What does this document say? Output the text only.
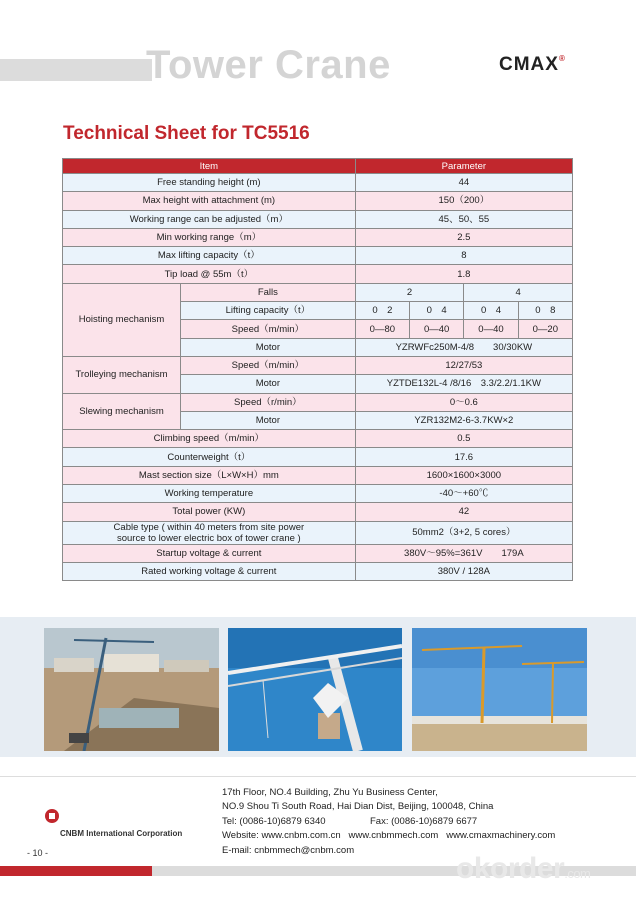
Tower Crane	CMAX®
Technical Sheet for TC5516
Item		Parameter			
Free standing height (m)		44			
Max height with attachment (m)		150（200）			
Working range can be adjusted（m）		45、50、55			
Min working range（m）		2.5			
Max lifting capacity（t）		8			
Tip load @ 55m（t）		1.8			
Hoisting mechanism	Falls	2		4	
	Lifting capacity（t）	0　2	0　4	0　4	0　8
	Speed（m/min）	0—80	0—40	0—40	0—20
	Motor	YZRWFc250M-4/8　　30/30KW			
Trolleying mechanism	Speed（m/min）	12/27/53			
	Motor	YZTDE132L-4 /8/16　3.3/2.2/1.1KW			
Slewing mechanism	Speed（r/min）	0～0.6			
	Motor	YZR132M2-6-3.7KW×2			
Climbing speed（m/min）		0.5			
Counterweight（t）		17.6			
Mast section size（L×W×H）mm		1600×1600×3000			
Working temperature		-40～+60℃			
Total power (KW)		42			

Cable type ( within 40 meters from site power
source to lower electric box of tower crane )		50mm2（3+2, 5 cores）			
Startup voltage & current		380V～95%=361V　　179A			
Rated working voltage & current		380V / 128A			
CNBM International Corporation
- 10 -
17th Floor, NO.4 Building, Zhu Yu Business Center,
NO.9 Shou Ti South Road, Hai Dian Dist, Beijing, 100048, China
Tel: (0086-10)6879 6340	Fax: (0086-10)6879 6677
Website: www.cnbm.com.cn www.cnbmmech.com www.cmaxmachinery.com
E-mail: cnbmmech@cnbm.com
okorder.com
